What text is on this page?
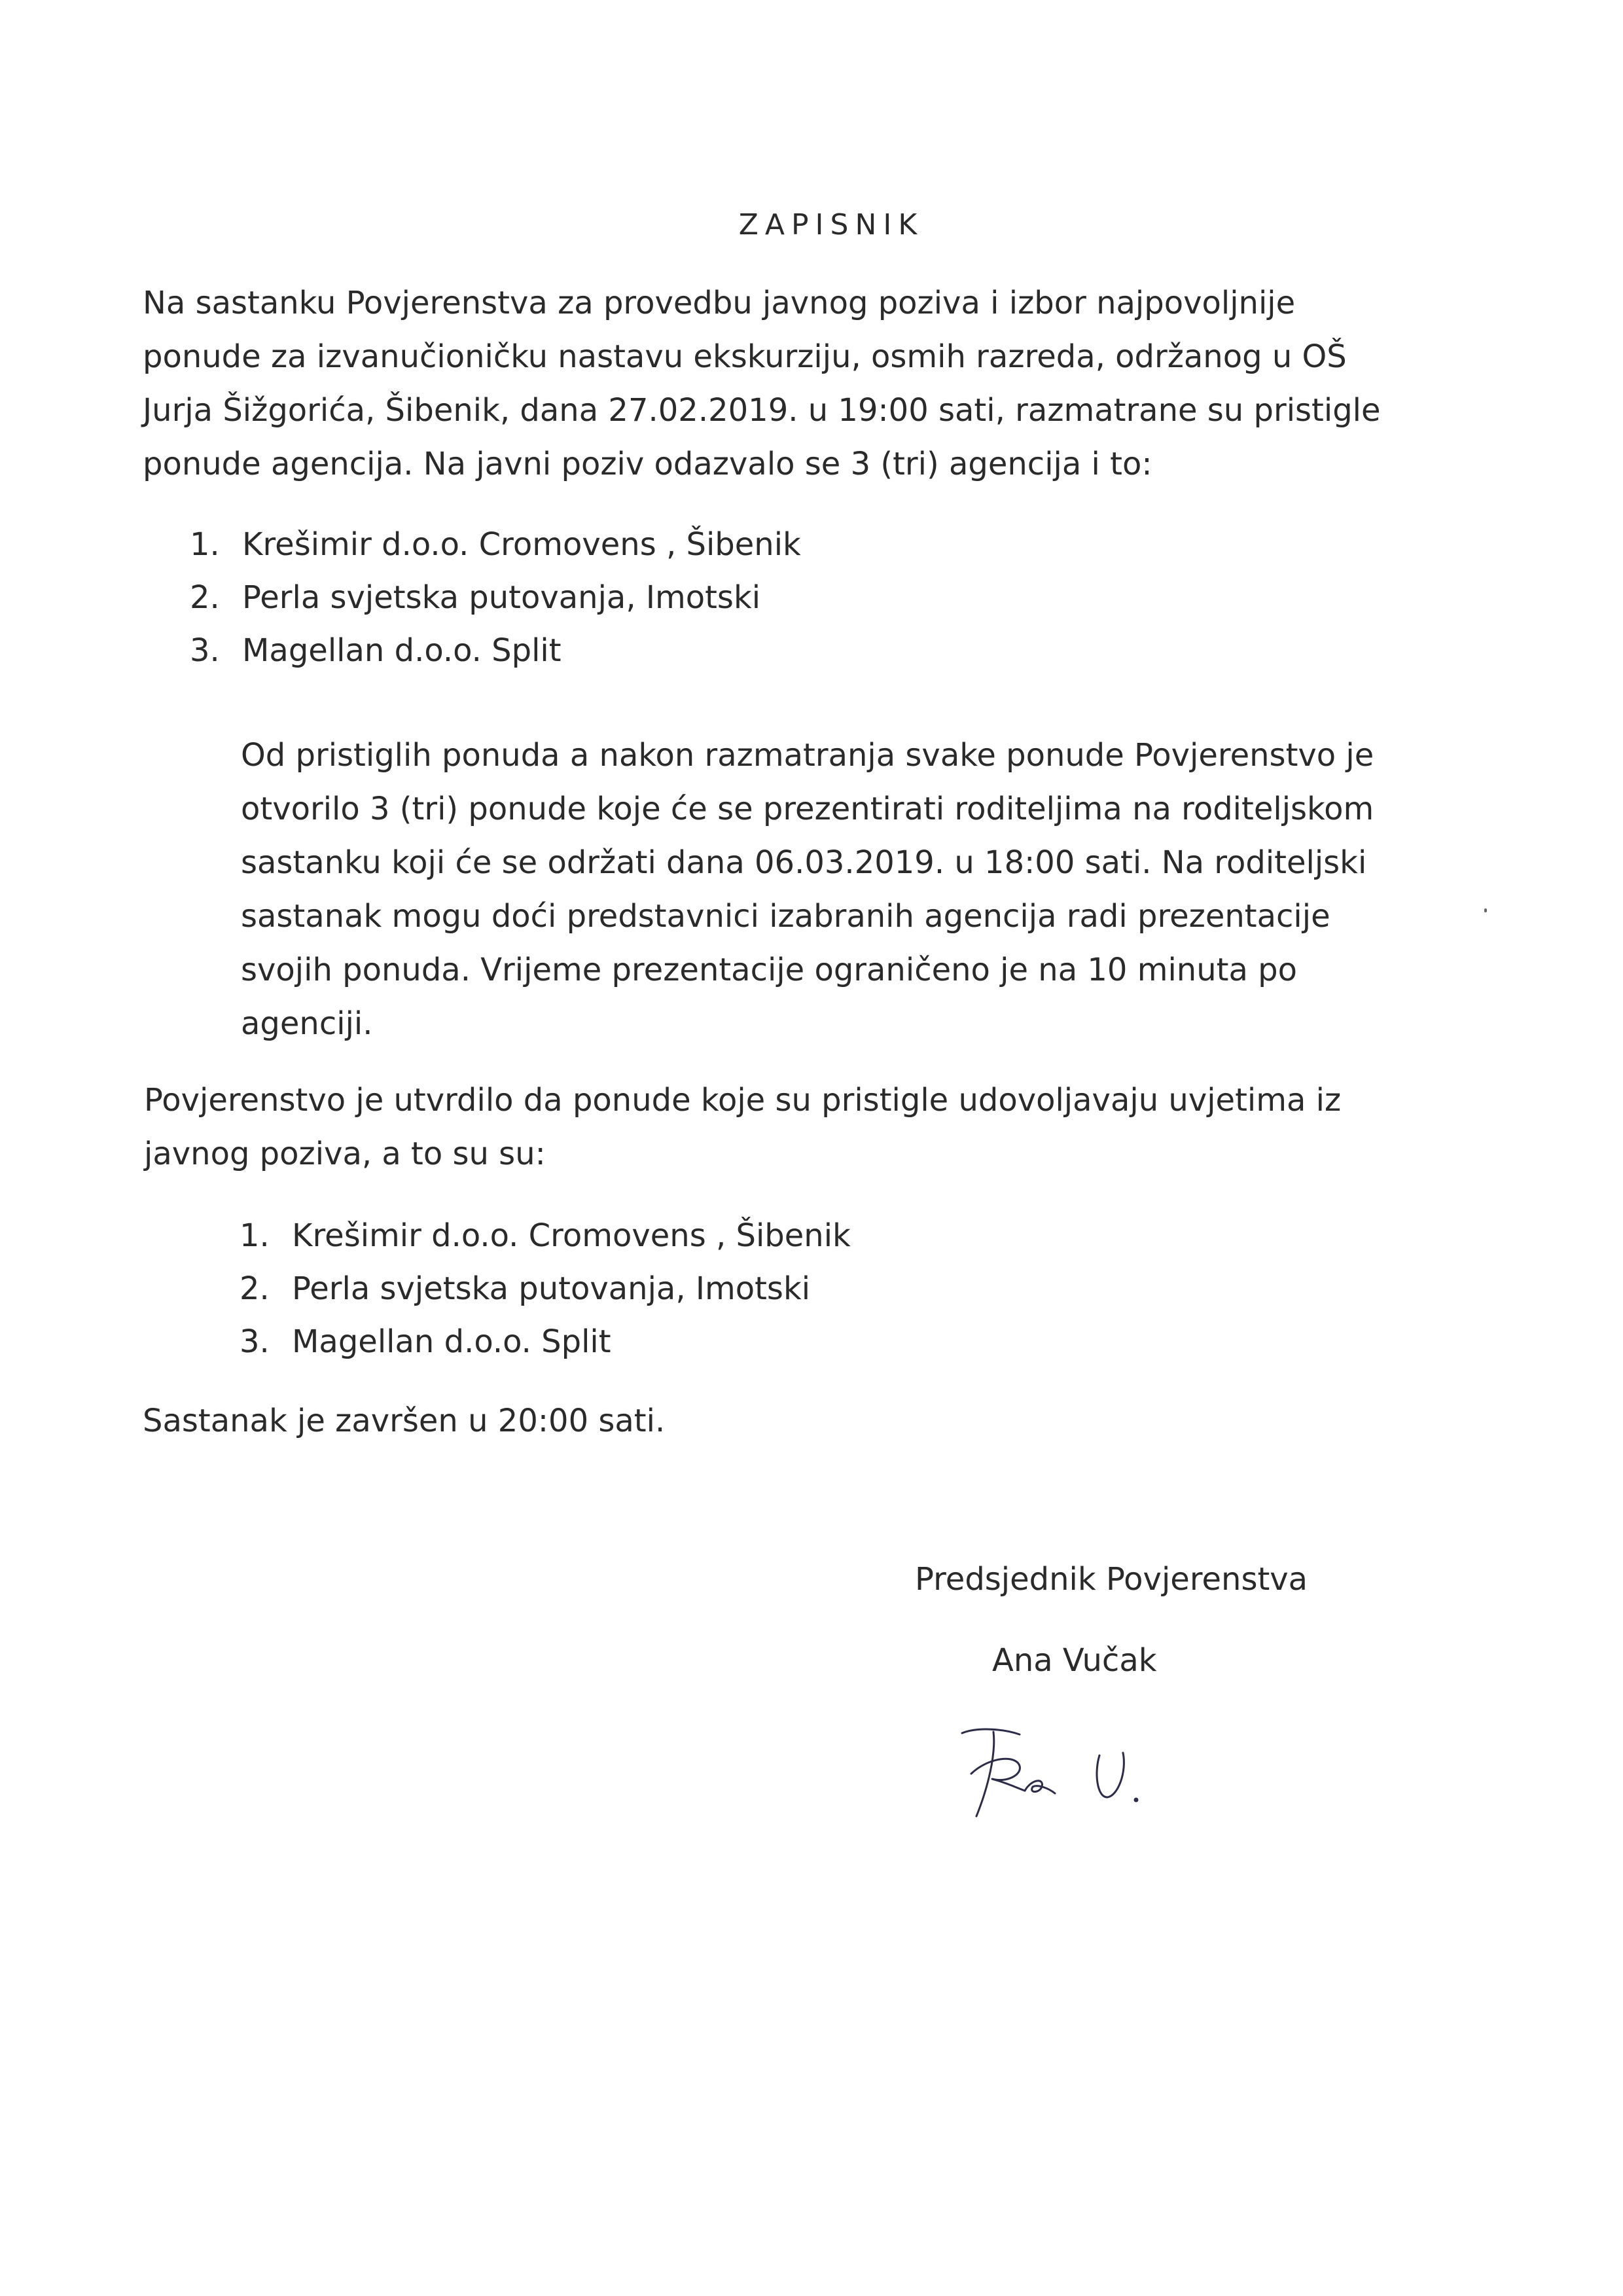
ZAPISNIK
Na sastanku Povjerenstva za provedbu javnog poziva i izbor najpovoljnije
ponude za izvanučioničku nastavu ekskurziju, osmih razreda, održanog u OŠ
Jurja Šižgorića, Šibenik, dana 27.02.2019. u 19:00 sati, razmatrane su pristigle
ponude agencija. Na javni poziv odazvalo se 3 (tri) agencija i to:
1. Krešimir d.o.o. Cromovens , Šibenik
2. Perla svjetska putovanja, Imotski
3. Magellan d.o.o. Split
Od pristiglih ponuda a nakon razmatranja svake ponude Povjerenstvo je
otvorilo 3 (tri) ponude koje će se prezentirati roditeljima na roditeljskom
sastanku koji će se održati dana 06.03.2019. u 18:00 sati. Na roditeljski
sastanak mogu doći predstavnici izabranih agencija radi prezentacije
svojih ponuda. Vrijeme prezentacije ograničeno je na 10 minuta po
agenciji.
Povjerenstvo je utvrdilo da ponude koje su pristigle udovoljavaju uvjetima iz
javnog poziva, a to su su:
1. Krešimir d.o.o. Cromovens , Šibenik
2. Perla svjetska putovanja, Imotski
3. Magellan d.o.o. Split
Sastanak je završen u 20:00 sati.
Predsjednik Povjerenstva
Ana Vučak
